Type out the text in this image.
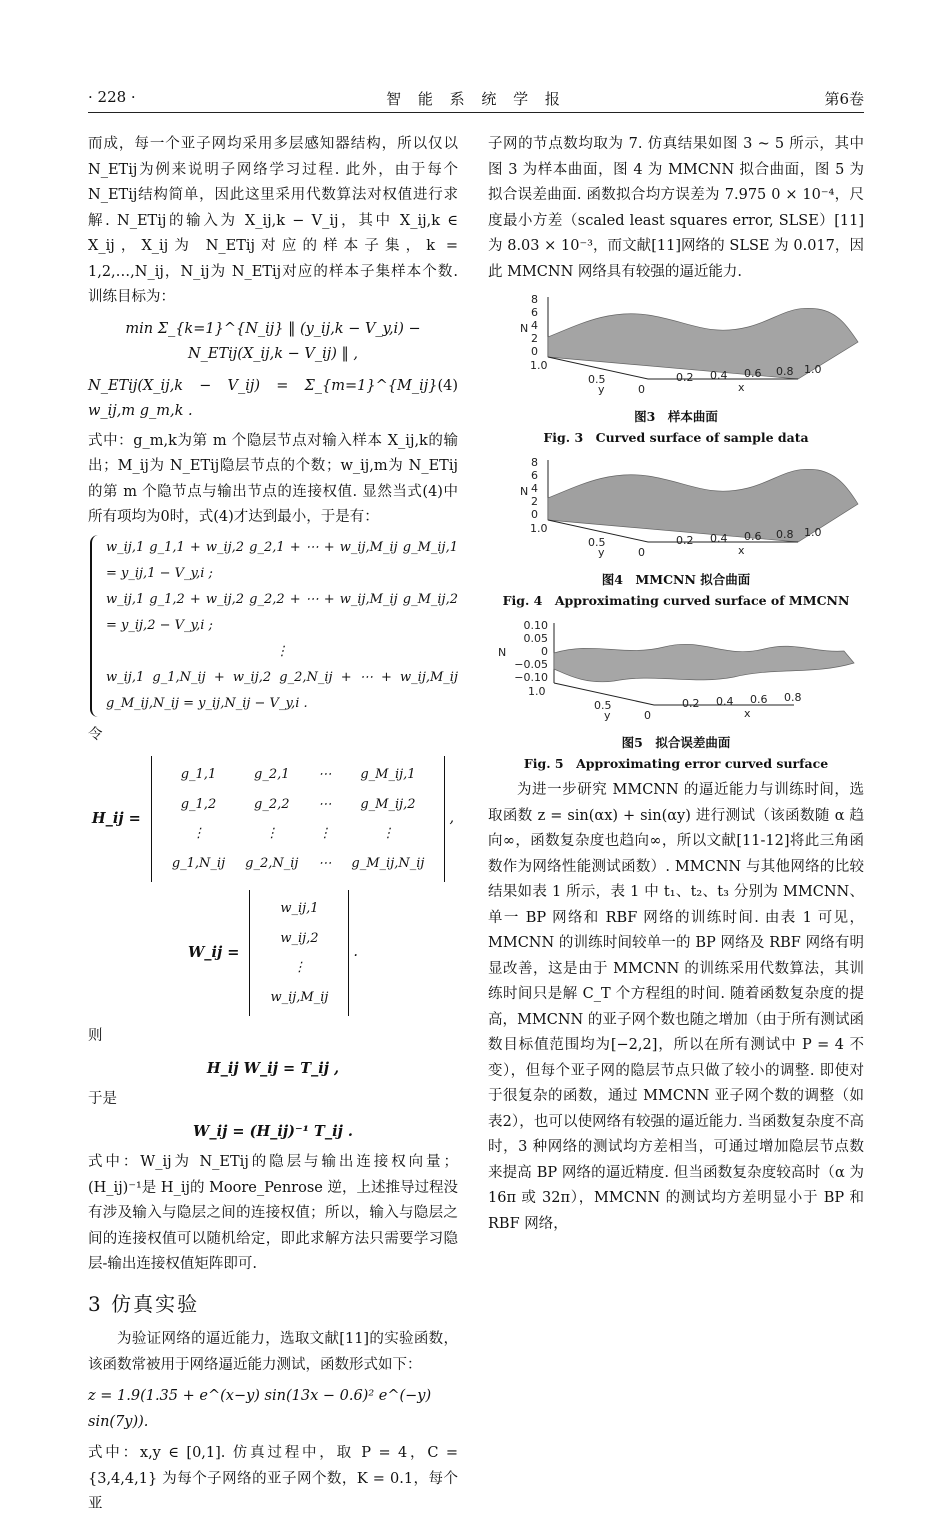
· 228 ·	智 能 系 统 学 报	第6卷

而成，每一个亚子网均采用多层感知器结构，所以仅以 N_ETij为例来说明子网络学习过程. 此外，由于每个 N_ETij结构简单，因此这里采用代数算法对权值进行求解. N_ETij的输入为 X_ij,k − V_ij，其中 X_ij,k ∈ X_ij，X_ij为 N_ETij对应的样本子集，k = 1,2,…,N_ij，N_ij为 N_ETij对应的样本子集样本个数. 训练目标为：

min Σ_{k=1}^{N_ij} ‖ (y_ij,k − V_y,i) − N_ETij(X_ij,k − V_ij) ‖ ,
N_ETij(X_ij,k − V_ij) = Σ_{m=1}^{M_ij} w_ij,m g_m,k .
(4)

式中：g_m,k为第 m 个隐层节点对输入样本 X_ij,k的输出；M_ij为 N_ETij隐层节点的个数；w_ij,m为 N_ETij的第 m 个隐节点与输出节点的连接权值. 显然当式(4)中所有项均为0时，式(4)才达到最小，于是有：

w_ij,1 g_1,1 + w_ij,2 g_2,1 + ⋯ + w_ij,M_ij g_M_ij,1 = y_ij,1 − V_y,i ;
w_ij,1 g_1,2 + w_ij,2 g_2,2 + ⋯ + w_ij,M_ij g_M_ij,2 = y_ij,2 − V_y,i ;
⋮
w_ij,1 g_1,N_ij + w_ij,2 g_2,N_ij + ⋯ + w_ij,M_ij g_M_ij,N_ij = y_ij,N_ij − V_y,i .

令

H_ij =
g_1,1	g_2,1	⋯	g_M_ij,1
g_1,2	g_2,2	⋯	g_M_ij,2
⋮	⋮	⋮	⋮
g_1,N_ij	g_2,N_ij	⋯	g_M_ij,N_ij
,
W_ij =
w_ij,1
w_ij,2
⋮
w_ij,M_ij
.

则

H_ij W_ij = T_ij ,

于是

W_ij = (H_ij)⁻¹ T_ij .

式中：W_ij为 N_ETij的隐层与输出连接权向量；(H_ij)⁻¹是 H_ij的 Moore_Penrose 逆，上述推导过程没有涉及输入与隐层之间的连接权值；所以，输入与隐层之间的连接权值可以随机给定，即此求解方法只需要学习隐层-输出连接权值矩阵即可.

3 仿真实验

为验证网络的逼近能力，选取文献[11]的实验函数，该函数常被用于网络逼近能力测试，函数形式如下：

z = 1.9(1.35 + e^(x−y) sin(13x − 0.6)² e^(−y) sin(7y)).

式中：x,y ∈ [0,1]. 仿真过程中，取 P = 4，C = {3,4,4,1} 为每个子网络的亚子网个数，K = 0.1，每个亚

子网的节点数均取为 7. 仿真结果如图 3 ~ 5 所示，其中图 3 为样本曲面，图 4 为 MMCNN 拟合曲面，图 5 为拟合误差曲面. 函数拟合均方误差为 7.975 0 × 10⁻⁴，尺度最小方差（scaled least squares error, SLSE）[11] 为 8.03 × 10⁻³，而文献[11]网络的 SLSE 为 0.017，因此 MMCNN 网络具有较强的逼近能力.

8
6
4
2
0
N
1.0
0.5
0
y
0.2 0.4 0.6 0.8 1.0
x
图3　样本曲面
Fig. 3　Curved surface of sample data
8
6
4
2
0
N
1.0
0.5
0
y
0.2 0.4 0.6 0.8 1.0
x
图4　MMCNN 拟合曲面
Fig. 4　Approximating curved surface of MMCNN
0.10
0.05
0
−0.05
−0.10
N
1.0
0.5
0
y
0.2 0.4 0.6 0.8
x
图5　拟合误差曲面
Fig. 5　Approximating error curved surface

为进一步研究 MMCNN 的逼近能力与训练时间，选取函数 z = sin(αx) + sin(αy) 进行测试（该函数随 α 趋向∞，函数复杂度也趋向∞，所以文献[11-12]将此三角函数作为网络性能测试函数）. MMCNN 与其他网络的比较结果如表 1 所示，表 1 中 t₁、t₂、t₃ 分别为 MMCNN、单一 BP 网络和 RBF 网络的训练时间. 由表 1 可见，MMCNN 的训练时间较单一的 BP 网络及 RBF 网络有明显改善，这是由于 MMCNN 的训练采用代数算法，其训练时间只是解 C_T 个方程组的时间. 随着函数复杂度的提高，MMCNN 的亚子网个数也随之增加（由于所有测试函数目标值范围均为[−2,2]，所以在所有测试中 P = 4 不变），但每个亚子网的隐层节点只做了较小的调整. 即使对于很复杂的函数，通过 MMCNN 亚子网个数的调整（如表2），也可以使网络有较强的逼近能力. 当函数复杂度不高时，3 种网络的测试均方差相当，可通过增加隐层节点数来提高 BP 网络的逼近精度. 但当函数复杂度较高时（α 为 16π 或 32π），MMCNN 的测试均方差明显小于 BP 和 RBF 网络，
